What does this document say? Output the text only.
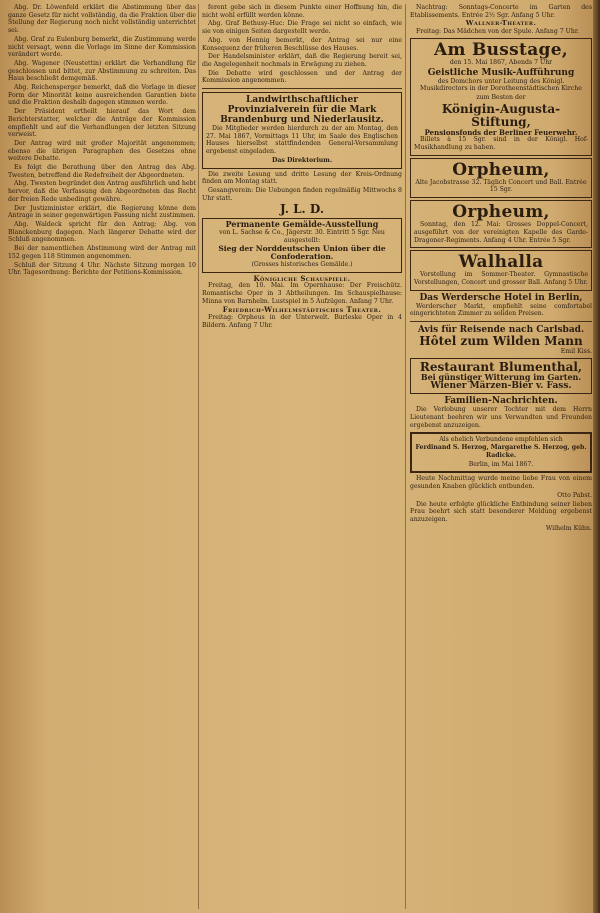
Abg. Dr. Löwenfeld erklärt die Abstimmung über das ganze Gesetz für nicht vollständig, da die Fraktion über die Stellung der Regierung noch nicht vollständig unterrichtet sei.

Abg. Graf zu Eulenburg bemerkt, die Zustimmung werde nicht versagt, wenn die Vorlage im Sinne der Kommission verändert werde.

Abg. Wagener (Neustettin) erklärt die Verhandlung für geschlossen und bittet, zur Abstimmung zu schreiten. Das Haus beschließt demgemäß.

Abg. Reichensperger bemerkt, daß die Vorlage in dieser Form der Minorität keine ausreichenden Garantien biete und die Fraktion deshalb dagegen stimmen werde.

Der Präsident ertheilt hierauf das Wort dem Berichterstatter, welcher die Anträge der Kommission empfiehlt und auf die Verhandlungen der letzten Sitzung verweist.

Der Antrag wird mit großer Majorität angenommen; ebenso die übrigen Paragraphen des Gesetzes ohne weitere Debatte.

Es folgt die Berathung über den Antrag des Abg. Twesten, betreffend die Redefreiheit der Abgeordneten.

Abg. Twesten begründet den Antrag ausführlich und hebt hervor, daß die Verfassung den Abgeordneten das Recht der freien Rede unbedingt gewähre.

Der Justizminister erklärt, die Regierung könne dem Antrage in seiner gegenwärtigen Fassung nicht zustimmen.

Abg. Waldeck spricht für den Antrag; Abg. von Blanckenburg dagegen. Nach längerer Debatte wird der Schluß angenommen.

Bei der namentlichen Abstimmung wird der Antrag mit 152 gegen 118 Stimmen angenommen.

Schluß der Sitzung 4 Uhr. Nächste Sitzung morgen 10 Uhr. Tagesordnung: Berichte der Petitions-Kommission.

ferent gebe sich in diesem Punkte einer Hoffnung hin, die nicht wohl erfüllt werden könne.

Abg. Graf Bethusy-Huc: Die Frage sei nicht so einfach, wie sie von einigen Seiten dargestellt werde.

Abg. von Hennig bemerkt, der Antrag sei nur eine Konsequenz der früheren Beschlüsse des Hauses.

Der Handelsminister erklärt, daß die Regierung bereit sei, die Angelegenheit nochmals in Erwägung zu ziehen.

Die Debatte wird geschlossen und der Antrag der Kommission angenommen.

Landwirthschaftlicher Provinzialverein für die Mark Brandenburg und Niederlausitz.

Die Mitglieder werden hierdurch zu der am Montag, den 27. Mai 1867, Vormittags 11 Uhr, im Saale des Englischen Hauses hierselbst stattfindenden General-Versammlung ergebenst eingeladen.

Das Direktorium.

Die zweite Lesung und dritte Lesung der Kreis-Ordnung finden am Montag statt.

Gesangverein: Die Uebungen finden regelmäßig Mittwochs 8 Uhr statt.

J. L. D.
Permanente Gemälde-Ausstellung

von L. Sachse & Co., Jägerstr. 30. Eintritt 5 Sgr. Neu ausgestellt:

Sieg der Norddeutschen Union über die Confoderation.

(Grosses historisches Gemälde.)

Königliche Schauspiele.

Freitag, den 10. Mai. Im Opernhause: Der Freischütz. Romantische Oper in 3 Abtheilungen. Im Schauspielhause: Minna von Barnhelm. Lustspiel in 5 Aufzügen. Anfang 7 Uhr.

Friedrich-Wilhelmstädtisches Theater.

Freitag: Orpheus in der Unterwelt. Burleske Oper in 4 Bildern. Anfang 7 Uhr.

Nachtrag: Sonntags-Concerte im Garten des Etablissements. Entrée 2½ Sgr. Anfang 5 Uhr.

Wallner-Theater.

Freitag: Das Mädchen von der Spule. Anfang 7 Uhr.

Am Busstage,

den 15. Mai 1867, Abends 7 Uhr

Geistliche Musik-Aufführung

des Domchors unter Leitung des Königl. Musikdirectors in der Dorotheenstädtischen Kirche

zum Besten der

Königin-Augusta-Stiftung,
Pensionsfonds der Berliner Feuerwehr.

Billets à 15 Sgr. sind in der Königl. Hof-Musikhandlung zu haben.

Orpheum,

Alte Jacobstrasse 32. Täglich Concert und Ball. Entrée 15 Sgr.

Orpheum,

Sonntag, den 12. Mai: Grosses Doppel-Concert, ausgeführt von der vereinigten Kapelle des Garde-Dragoner-Regiments. Anfang 4 Uhr. Entrée 5 Sgr.

Walhalla

Vorstellung im Sommer-Theater. Gymnastische Vorstellungen, Concert und grosser Ball. Anfang 5 Uhr.

Das Werdersche Hotel in Berlin,

Werderscher Markt, empfiehlt seine comfortabel eingerichteten Zimmer zu soliden Preisen.

Avis für Reisende nach Carlsbad.
Hôtel zum Wilden Mann

Emil Kiss.

Restaurant Blumenthal,
Bei günstiger Witterung im Garten.
Wiener Märzen-Bier v. Fass.
Familien-Nachrichten.

Die Verlobung unserer Tochter mit dem Herrn Lieutenant beehren wir uns Verwandten und Freunden ergebenst anzuzeigen.

Als ehelich Verbundene empfehlen sich

Ferdinand S. Herzog, Margarethe S. Herzog, geb. Radicke.

Berlin, im Mai 1867.

Heute Nachmittag wurde meine liebe Frau von einem gesunden Knaben glücklich entbunden.

Otto Pabst.

Die heute erfolgte glückliche Entbindung seiner lieben Frau beehrt sich statt besonderer Meldung ergebenst anzuzeigen.

Wilhelm Kühn.
